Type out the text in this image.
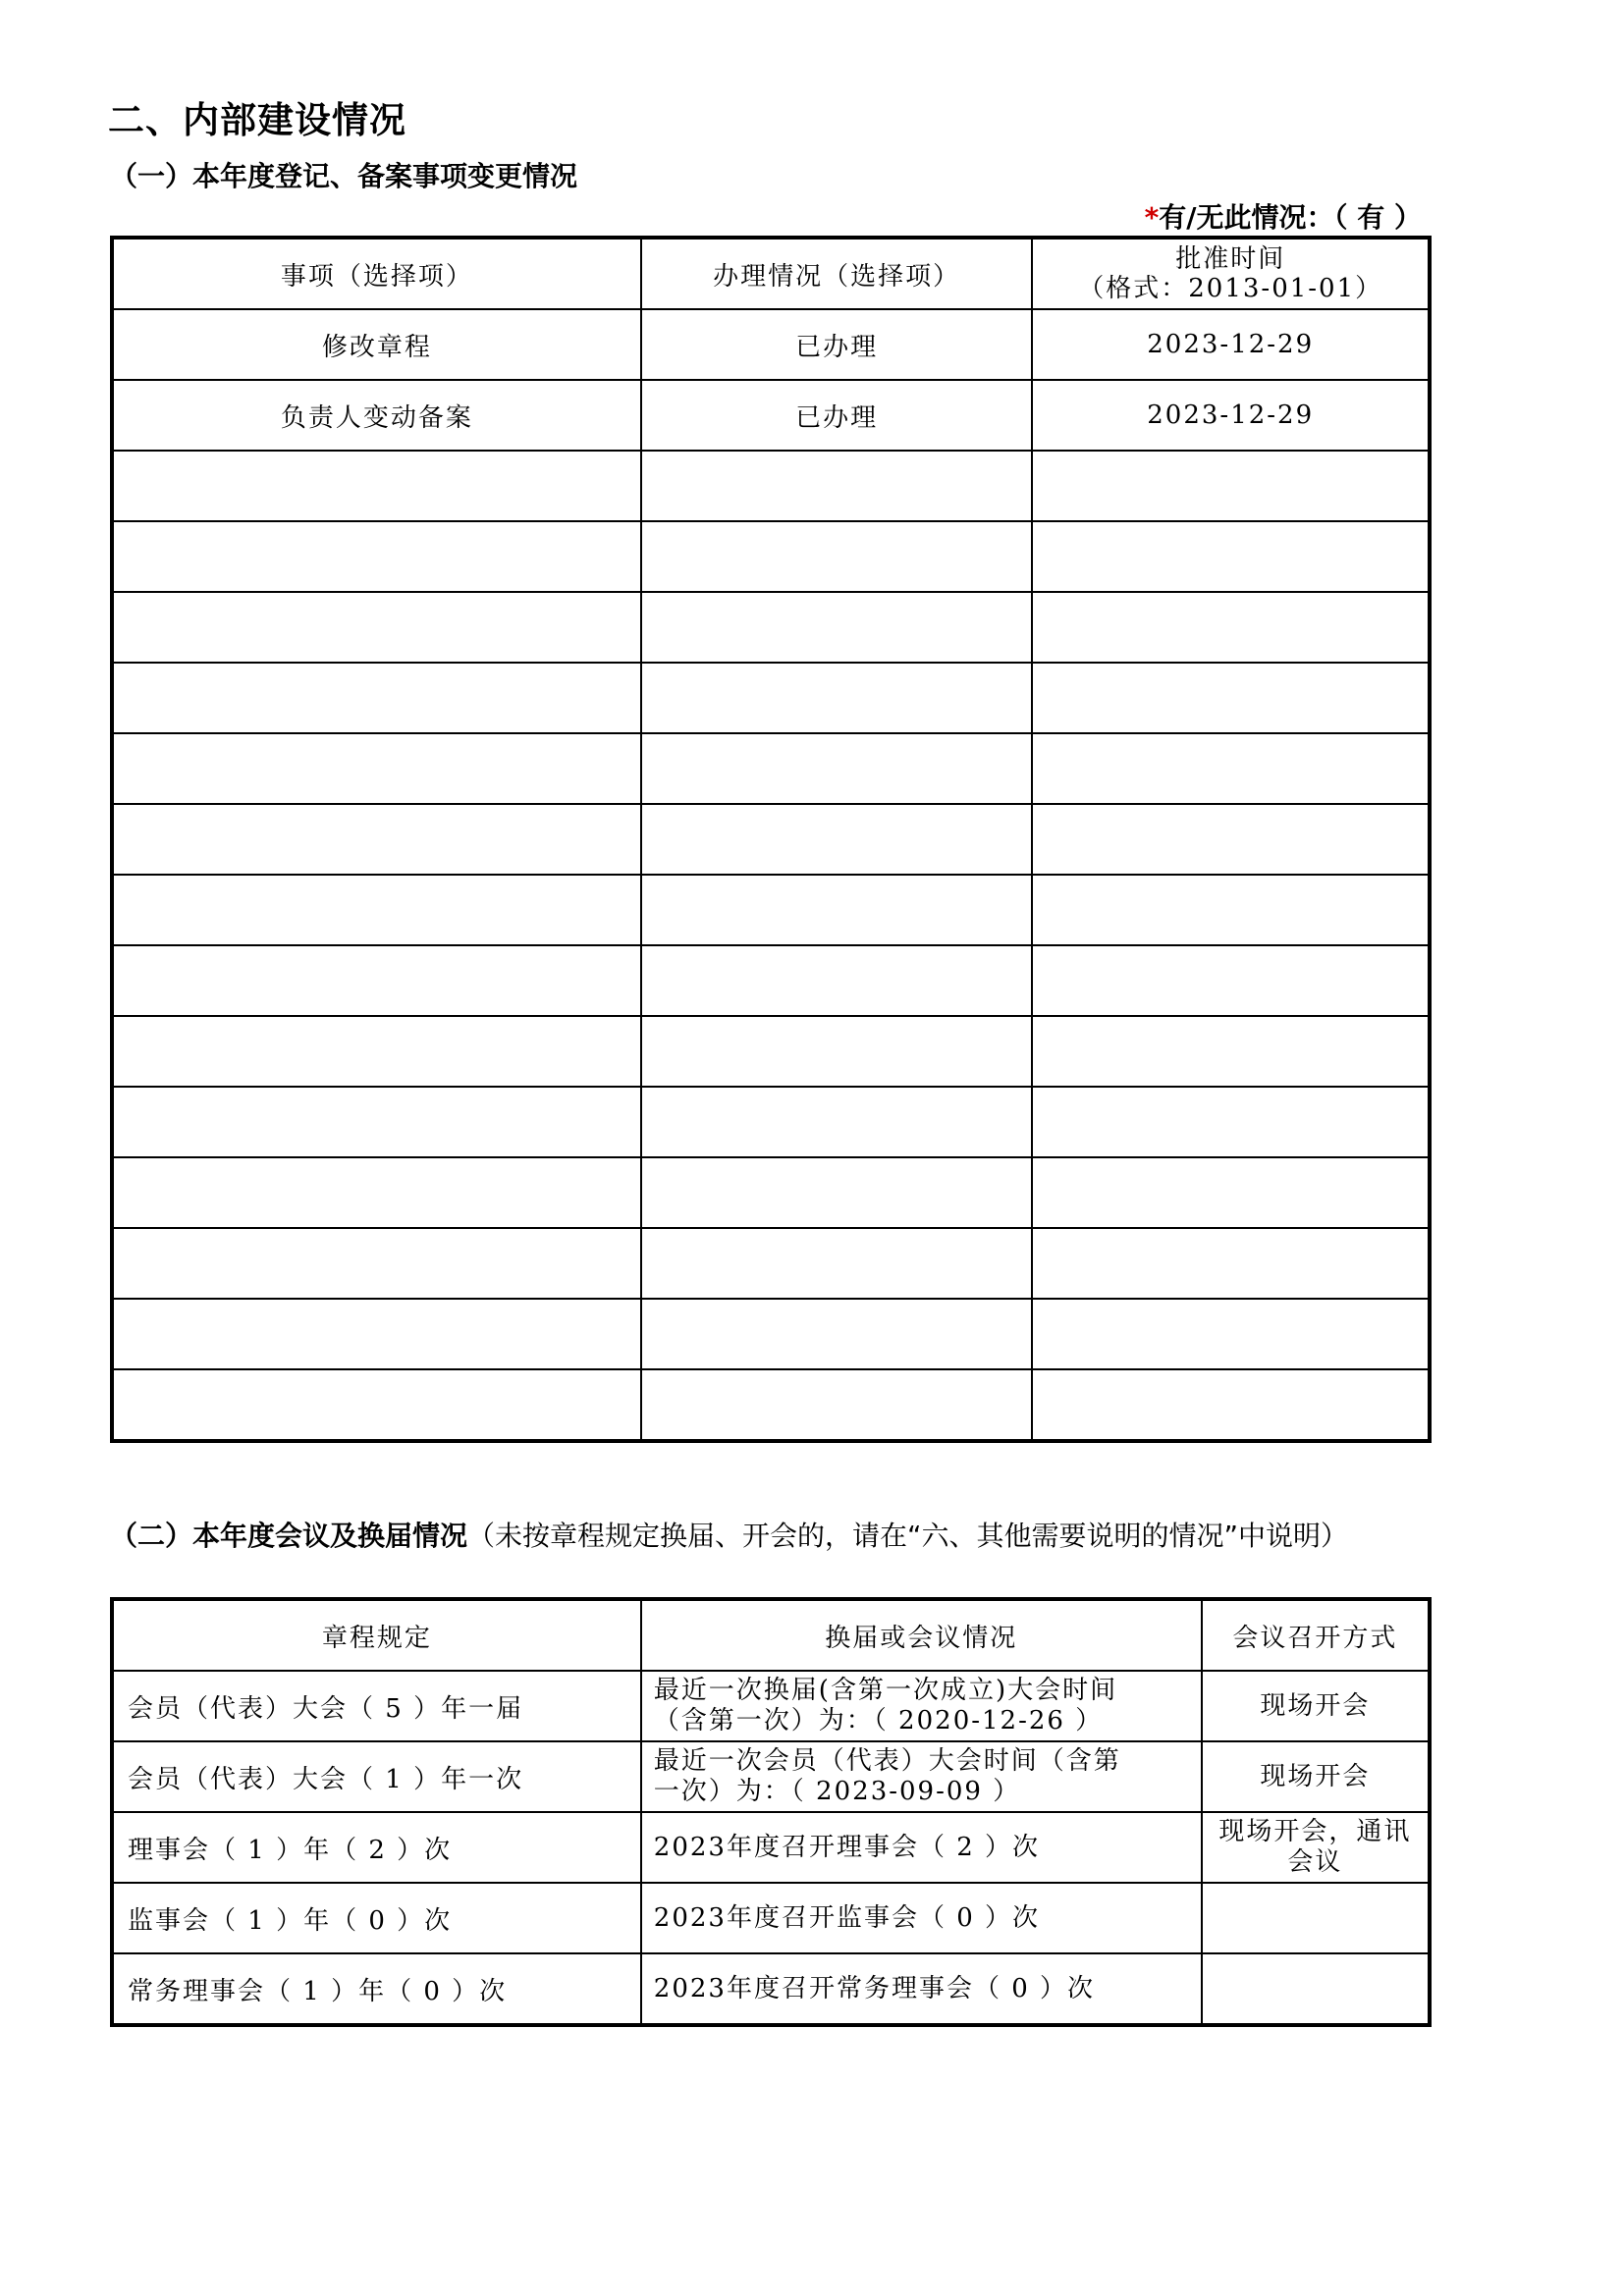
二、内部建设情况
（一）本年度登记、备案事项变更情况
*有/无此情况：（ 有 ）
事项（选择项）	办理情况（选择项）	批准时间
（格式：2013-01-01）

修改章程	已办理	2023-12-29
负责人变动备案	已办理	2023-12-29

（二）本年度会议及换届情况（未按章程规定换届、开会的，请在“六、其他需要说明的情况”中说明）
章程规定	换届或会议情况	会议召开方式
会员（代表）大会（ 5 ）年一届	最近一次换届(含第一次成立)大会时间
（含第一次）为：（ 2020-12-26 ）	现场开会

会员（代表）大会（ 1 ）年一次	最近一次会员（代表）大会时间（含第
一次）为：（ 2023-09-09 ）	现场开会

理事会（ 1 ）年（ 2 ）次	2023年度召开理事会（ 2 ）次	现场开会，通讯
会议

监事会（ 1 ）年（ 0 ）次	2023年度召开监事会（ 0 ）次	

常务理事会（ 1 ）年（ 0 ）次	2023年度召开常务理事会（ 0 ）次	
